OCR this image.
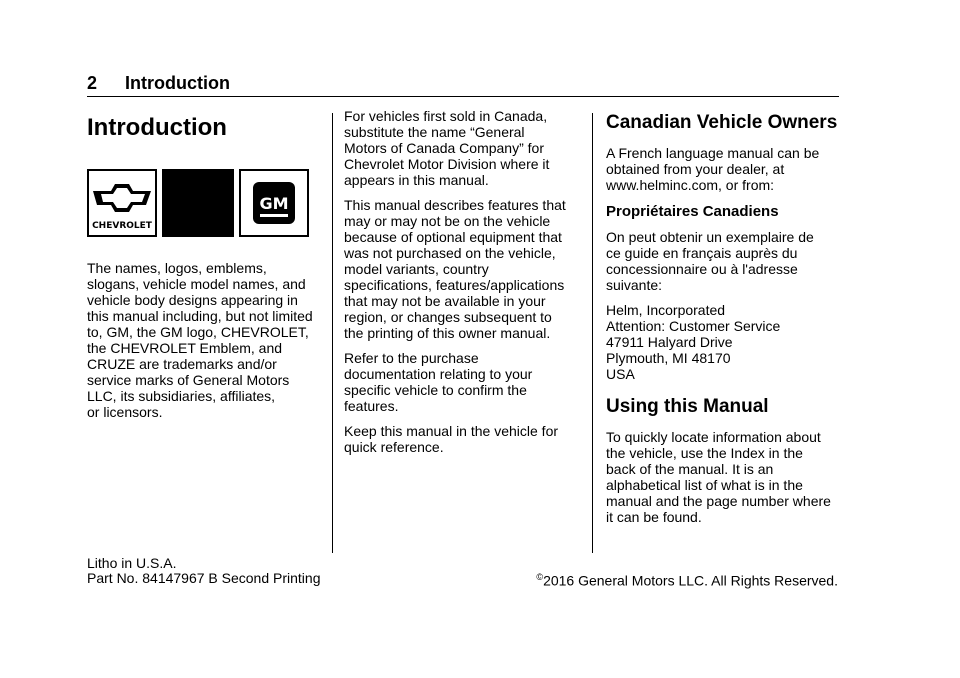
2 Introduction
Introduction
CHEVROLET
GM

The names, logos, emblems,
slogans, vehicle model names, and
vehicle body designs appearing in
this manual including, but not limited
to, GM, the GM logo, CHEVROLET,
the CHEVROLET Emblem, and
CRUZE are trademarks and/or
service marks of General Motors
LLC, its subsidiaries, affiliates,
or licensors.

For vehicles first sold in Canada,
substitute the name “General
Motors of Canada Company” for
Chevrolet Motor Division where it
appears in this manual.

This manual describes features that
may or may not be on the vehicle
because of optional equipment that
was not purchased on the vehicle,
model variants, country
specifications, features/applications
that may not be available in your
region, or changes subsequent to
the printing of this owner manual.

Refer to the purchase
documentation relating to your
specific vehicle to confirm the
features.

Keep this manual in the vehicle for
quick reference.

Canadian Vehicle Owners

A French language manual can be
obtained from your dealer, at
www.helminc.com, or from:

Propriétaires Canadiens

On peut obtenir un exemplaire de
ce guide en français auprès du
concessionnaire ou à l'adresse
suivante:

Helm, Incorporated
Attention: Customer Service
47911 Halyard Drive
Plymouth, MI 48170
USA

Using this Manual

To quickly locate information about
the vehicle, use the Index in the
back of the manual. It is an
alphabetical list of what is in the
manual and the page number where
it can be found.

Litho in U.S.A.

Part No. 84147967 B Second Printing	©2016 General Motors LLC. All Rights Reserved.
